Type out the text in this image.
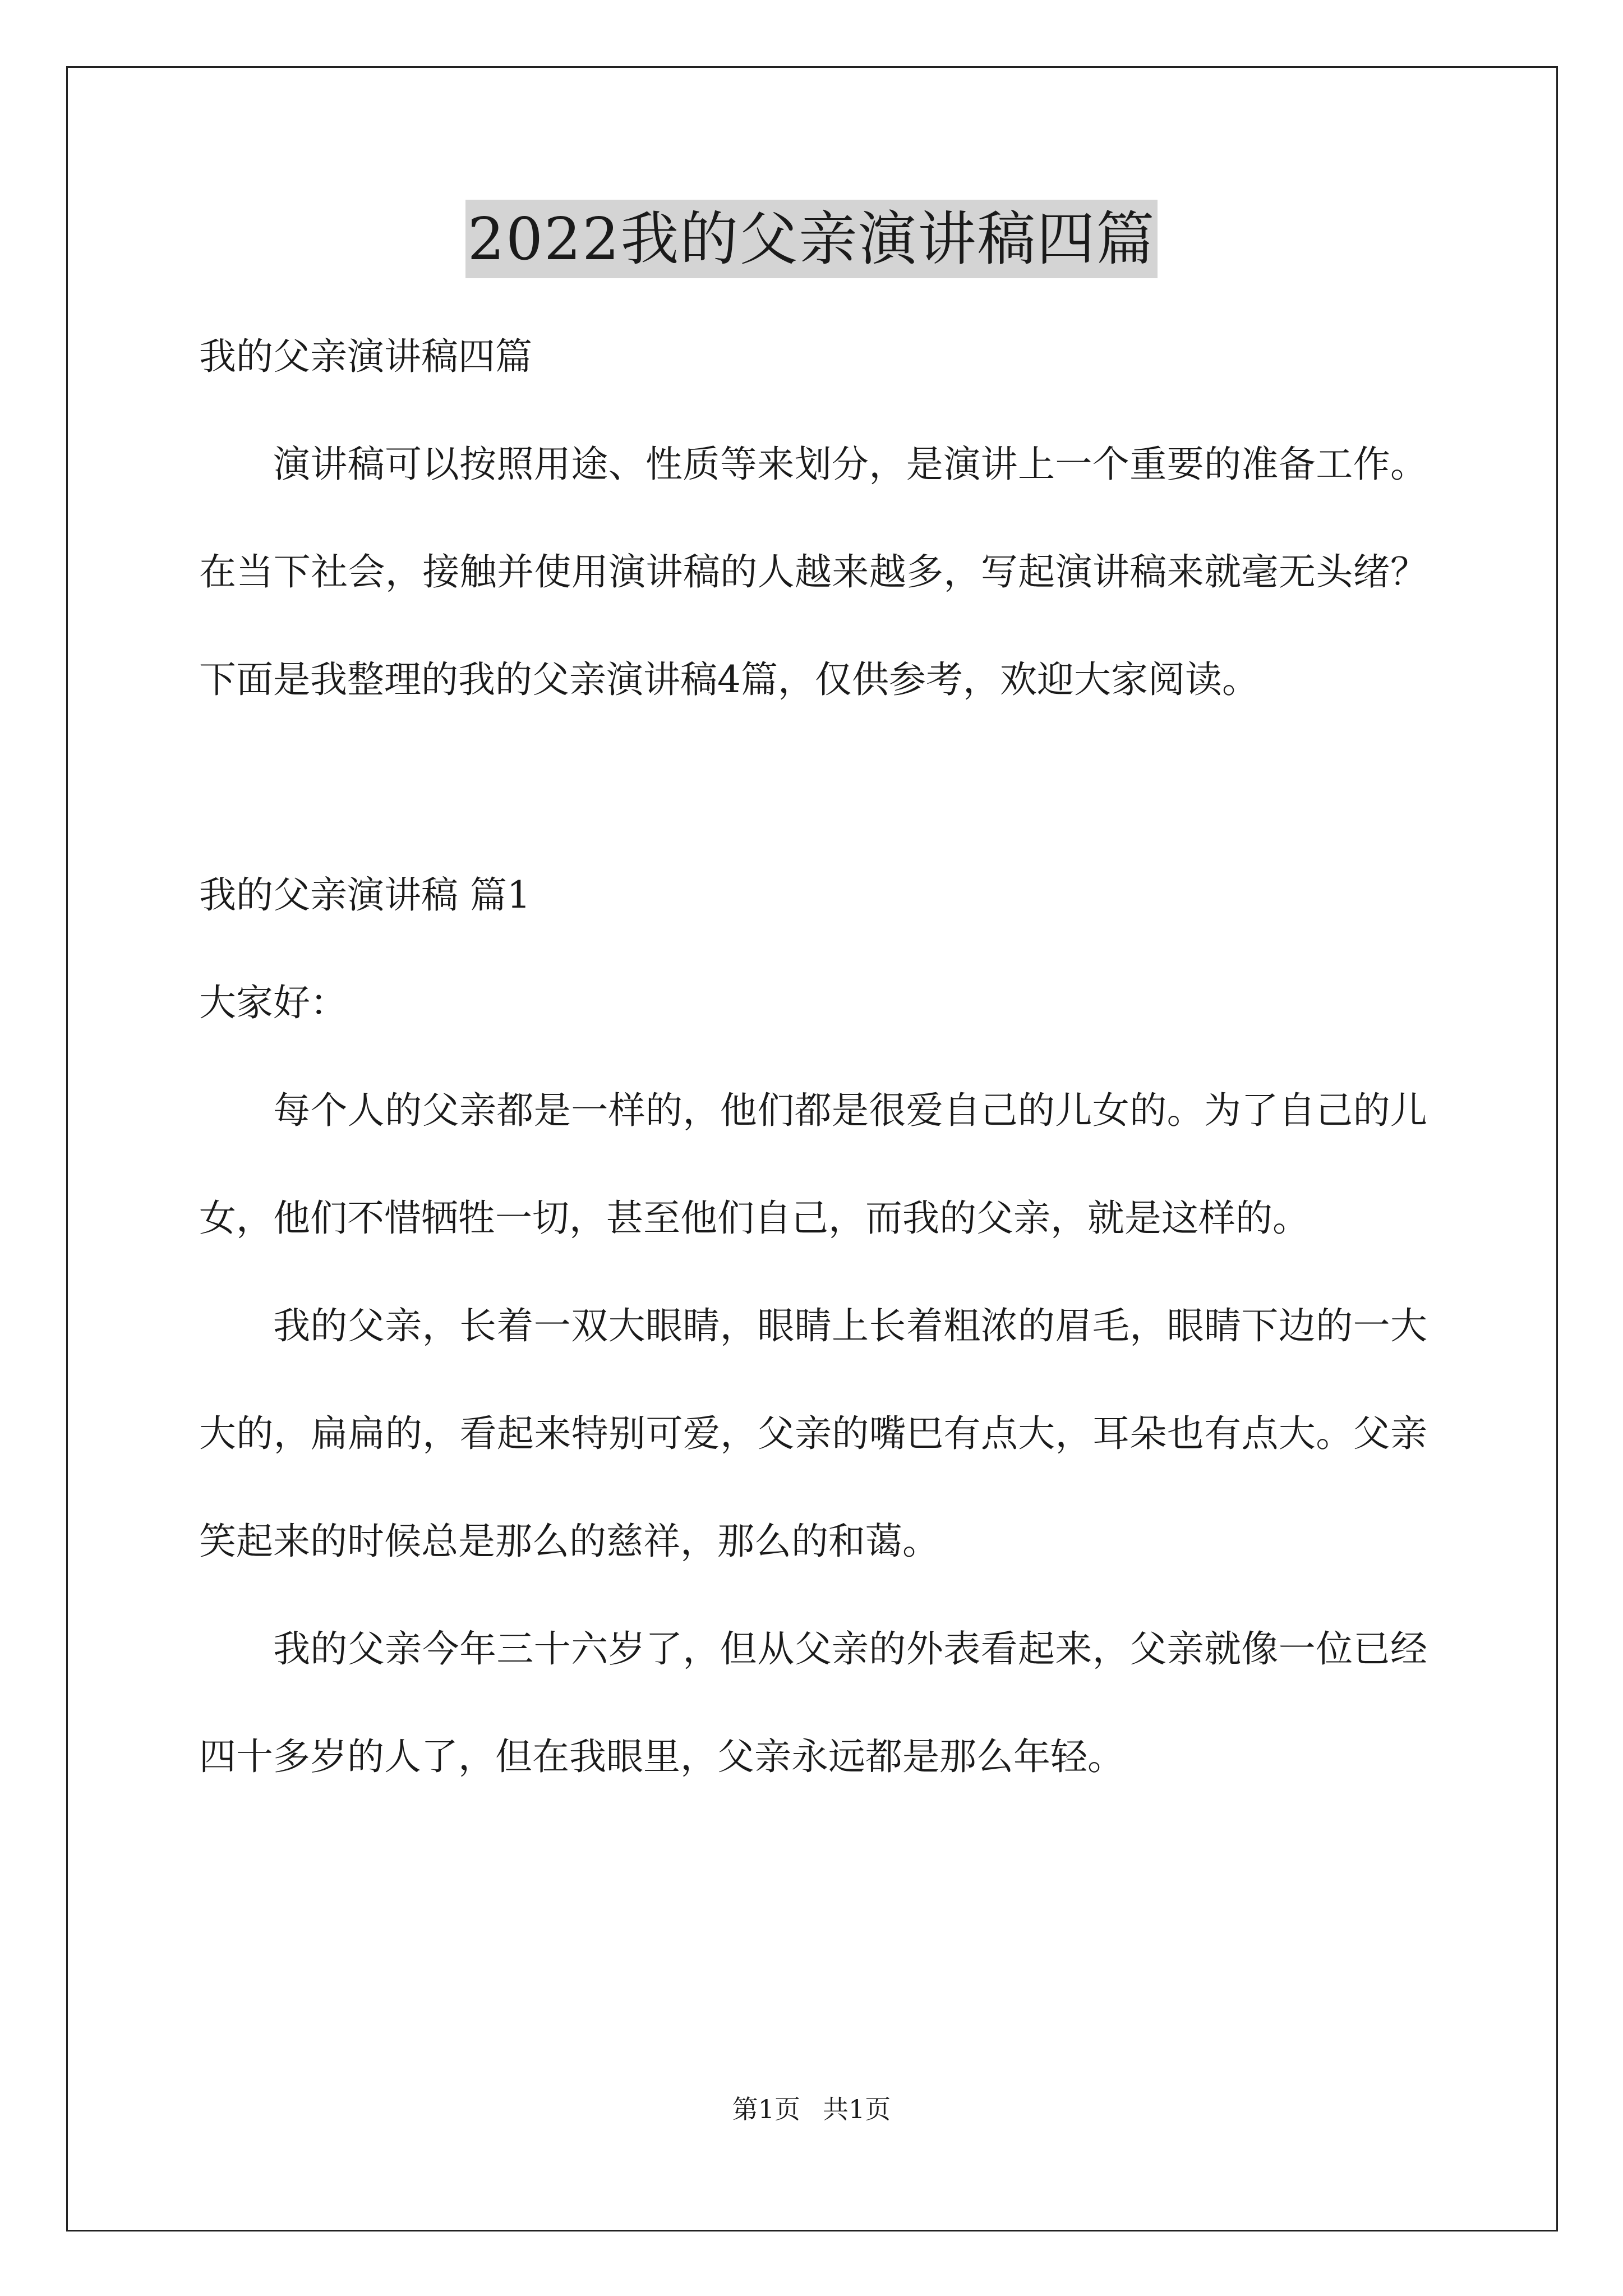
2022我的父亲演讲稿四篇
我的父亲演讲稿四篇

演讲稿可以按照用途、性质等来划分，是演讲上一个重要的准备工作。在当下社会，接触并使用演讲稿的人越来越多，写起演讲稿来就毫无头绪？下面是我整理的我的父亲演讲稿4篇，仅供参考，欢迎大家阅读。

我的父亲演讲稿 篇1
大家好：

每个人的父亲都是一样的，他们都是很爱自己的儿女的。为了自己的儿女，他们不惜牺牲一切，甚至他们自己，而我的父亲，就是这样的。

我的父亲，长着一双大眼睛，眼睛上长着粗浓的眉毛，眼睛下边的一大大的，扁扁的，看起来特别可爱，父亲的嘴巴有点大，耳朵也有点大。父亲笑起来的时候总是那么的慈祥，那么的和蔼。

我的父亲今年三十六岁了，但从父亲的外表看起来，父亲就像一位已经四十多岁的人了，但在我眼里，父亲永远都是那么年轻。

第1页 共1页
